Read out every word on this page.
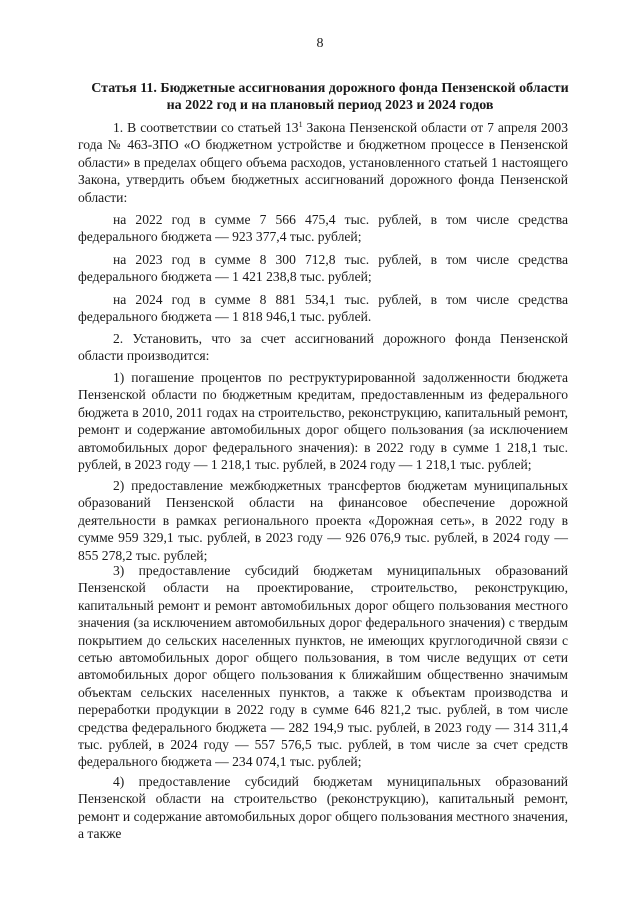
8
Статья 11. Бюджетные ассигнования дорожного фонда Пензенской области
на 2022 год и на плановый период 2023 и 2024 годов
1. В соответствии со статьей $13^1$ Закона Пензенской области от 7 апреля 2003 года № 463-ЗПО «О бюджетном устройстве и бюджетном процессе в Пензенской области» в пределах общего объема расходов, установленного статьей 1 настоящего Закона, утвердить объем бюджетных ассигнований дорожного фонда Пензенской области:
на 2022 год в сумме 7 566 475,4 тыс. рублей, в том числе средства федерального бюджета — 923 377,4 тыс. рублей;
на 2023 год в сумме 8 300 712,8 тыс. рублей, в том числе средства федерального бюджета — 1 421 238,8 тыс. рублей;
на 2024 год в сумме 8 881 534,1 тыс. рублей, в том числе средства федерального бюджета — 1 818 946,1 тыс. рублей.
2. Установить, что за счет ассигнований дорожного фонда Пензенской области производится:
1) погашение процентов по реструктурированной задолженности бюджета Пензенской области по бюджетным кредитам, предоставленным из федерального бюджета в 2010, 2011 годах на строительство, реконструкцию, капитальный ремонт, ремонт и содержание автомобильных дорог общего пользования (за исключением автомобильных дорог федерального значения): в 2022 году в сумме 1 218,1 тыс. рублей, в 2023 году — 1 218,1 тыс. рублей, в 2024 году — 1 218,1 тыс. рублей;
2) предоставление межбюджетных трансфертов бюджетам муниципальных образований Пензенской области на финансовое обеспечение дорожной деятельности в рамках регионального проекта «Дорожная сеть», в 2022 году в сумме 959 329,1 тыс. рублей, в 2023 году — 926 076,9 тыс. рублей, в 2024 году — 855 278,2 тыс. рублей;
3) предоставление субсидий бюджетам муниципальных образований Пензенской области на проектирование, строительство, реконструкцию, капитальный ремонт и ремонт автомобильных дорог общего пользования местного значения (за исключением автомобильных дорог федерального значения) с твердым покрытием до сельских населенных пунктов, не имеющих круглогодичной связи с сетью автомобильных дорог общего пользования, в том числе ведущих от сети автомобильных дорог общего пользования к ближайшим общественно значимым объектам сельских населенных пунктов, а также к объектам производства и переработки продукции в 2022 году в сумме 646 821,2 тыс. рублей, в том числе средства федерального бюджета — 282 194,9 тыс. рублей, в 2023 году — 314 311,4 тыс. рублей, в 2024 году — 557 576,5 тыс. рублей, в том числе за счет средств федерального бюджета — 234 074,1 тыс. рублей;
4) предоставление субсидий бюджетам муниципальных образований Пензенской области на строительство (реконструкцию), капитальный ремонт, ремонт и содержание автомобильных дорог общего пользования местного значения, а также
